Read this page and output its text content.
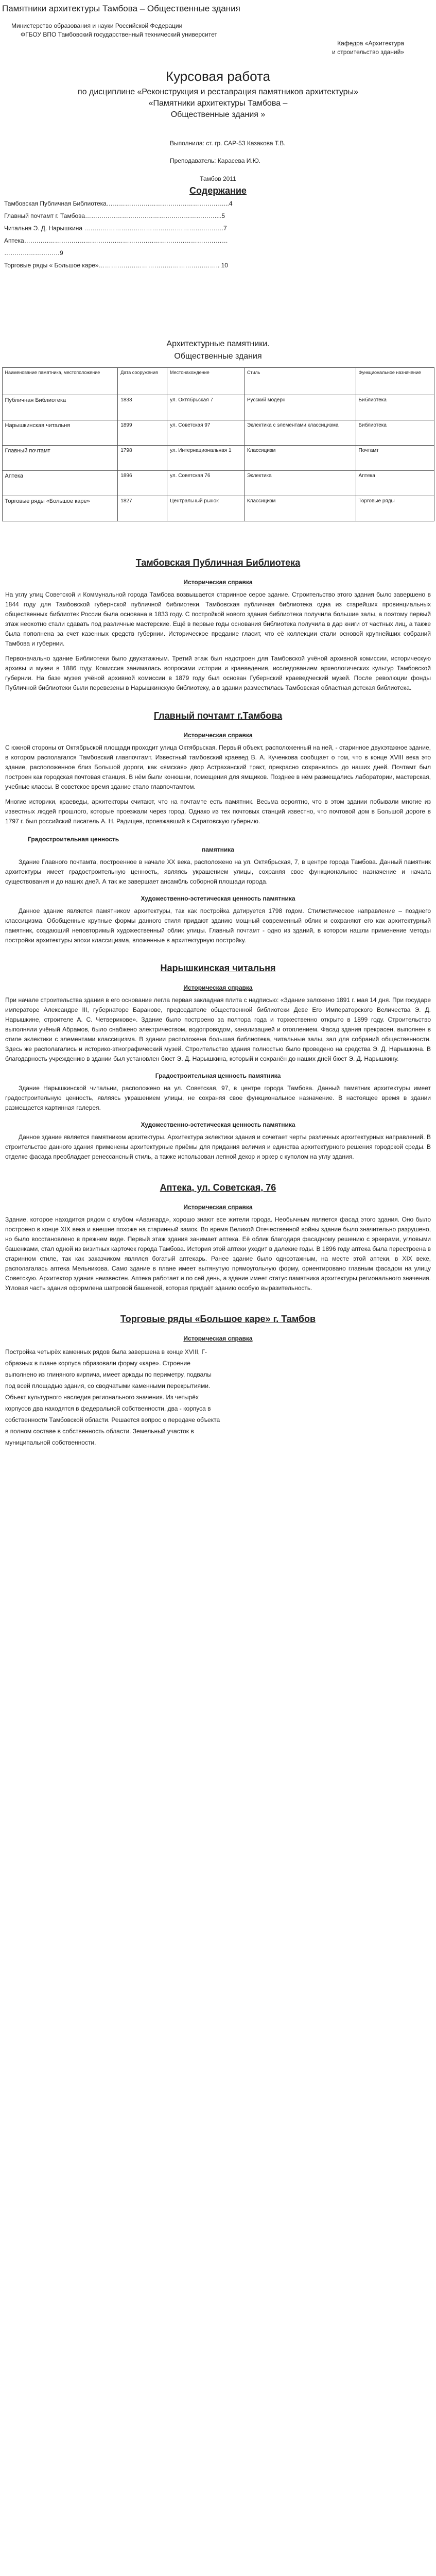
Памятники архитектуры Тамбова – Общественные здания

Министерство образования и науки Российской Федерации

ФГБОУ ВПО Тамбовский государственный технический университет

Кафедра «Архитектура

и строительство зданий»

Курсовая работа

по дисциплине «Реконструкция и реставрация памятников архитектуры»

«Памятники архитектуры Тамбова –

Общественные здания »

Выполнила: ст. гр. САР-53 Казакова Т.В.

Преподаватель: Карасева И.Ю.

Тамбов 2011

Содержание

Тамбовская Публичная Библиотека…………………………………………………...4

Главный почтамт г. Тамбова………………………………………………………....5

Читальня Э. Д. Нарышкина ………………………………………………….……….7

Аптека………………………………………………………………………………………

………………………9

Торговые ряды « Большое каре»………………………………………………….. 10

Архитектурные памятники.

Общественные здания

Наименование памятника, местоположение	Дата сооружения	Местонахождение	Стиль	Функциональное назначение
Публичная Библиотека	1833	ул. Октябрьская 7	Русский модерн	Библиотека
Нарышкинская читальня	1899	ул. Советская 97	Эклектика с элементами классицизма	Библиотека
Главный почтамт	1798	ул. Интернациональная 1	Классицизм	Почтамт
Аптека	1896	ул. Советская 76	Эклектика	Аптека
Торговые ряды «Большое каре»	1827	Центральный рынок	Классицизм	Торговые ряды

Тамбовская Публичная Библиотека

Историческая справка

На углу улиц Советской и Коммунальной города Тамбова возвышается старинное серое здание. Строительство этого здания было завершено в 1844 году для Тамбовской губернской публичной библиотеки. Тамбовская публичная библиотека одна из старейших провинциальных общественных библиотек России была основана в 1833 году. С постройкой нового здания библиотека получила большие залы, а поэтому первый этаж неохотно стали сдавать под различные мастерские. Ещё в первые годы основания библиотека получила в дар книги от частных лиц, а также была пополнена за счет казенных средств губернии. Историческое предание гласит, что её коллекции стали основой крупнейших собраний Тамбова и губернии.

Первоначально здание Библиотеки было двухэтажным. Третий этаж был надстроен для Тамбовской учёной архивной комиссии, историческую архивы и музеи в 1886 году. Комиссия занималась вопросами истории и краеведения, исследованием археологических культур Тамбовской губернии. На базе музея учёной архивной комиссии в 1879 году был основан Губернский краеведческий музей. После революции фонды Публичной библиотеки были перевезены в Нарышкинскую библиотеку, а в здании разместилась Тамбовская областная детская библиотека.

Главный почтамт г.Тамбова

Историческая справка

С южной стороны от Октябрьской площади проходит улица Октябрьская. Первый объект, расположенный на ней, - старинное двухэтажное здание, в котором располагался Тамбовский главпочтамт. Известный тамбовский краевед В. А. Кученкова сообщает о том, что в конце XVIII века это здание, расположенное близ Большой дороги, как «ямская» двор Астраханский тракт, прекрасно сохранилось до наших дней. Почтамт был построен как городская почтовая станция. В нём были конюшни, помещения для ямщиков. Позднее в нём размещались лаборатории, мастерская, учебные классы. В советское время здание стало главпочтамтом.

Многие историки, краеведы, архитекторы считают, что на почтамте есть памятник. Весьма вероятно, что в этом здании побывали многие из известных людей прошлого, которые проезжали через город. Однако из тех почтовых станций известно, что почтовой дом в Большой дороге в 1797 г. был российский писатель А. Н. Радищев, проезжавший в Саратовскую губернию.

Градостроительная ценность

памятника

Здание Главного почтамта, построенное в начале XX века, расположено на ул. Октябрьская, 7, в центре города Тамбова. Данный памятник архитектуры имеет градостроительную ценность, являясь украшением улицы, сохраняя свое функциональное назначение и начала существования и до наших дней. А так же завершает ансамбль соборной площади города.

Художественно-эстетическая ценность памятника

Данное здание является памятником архитектуры, так как постройка датируется 1798 годом. Стилистическое направление – позднего классицизма. Обобщенные крупные формы данного стиля придают зданию мощный современный облик и сохраняют его как архитектурный памятник, создающий неповторимый художественный облик улицы. Главный почтамт - одно из зданий, в котором нашли применение методы постройки архитектуры эпохи классицизма, вложенные в архитектурную постройку.

Нарышкинская читальня

Историческая справка

При начале строительства здания в его основание легла первая закладная плита с надписью: «Здание заложено 1891 г. мая 14 дня. При государе императоре Александре III, губернаторе Баранове, председателе общественной библиотеки Деве Его Императорского Величества Э. Д. Нарышкине, строителе А. С. Четвериковe». Здание было построено за полтора года и торжественно открыто в 1899 году. Строительство выполняли учёный Абрамов, было снабжено электричеством, водопроводом, канализацией и отоплением. Фасад здания прекрасен, выполнен в стиле эклектики с элементами классицизма. В здании расположена большая библиотека, читальные залы, зал для собраний общественности. Здесь же располагались и историко-этнографический музей. Строительство здания полностью было проведено на средства Э. Д. Нарышкина. В благодарность учреждению в здании был установлен бюст Э. Д. Нарышкина, который и сохранён до наших дней бюст Э. Д. Нарышкину.

Градостроительная ценность памятника

Здание Нарышкинской читальни, расположено на ул. Советская, 97, в центре города Тамбова. Данный памятник архитектуры имеет градостроительную ценность, являясь украшением улицы, не сохраняя свое функциональное назначение. В настоящее время в здании размещается картинная галерея.

Художественно-эстетическая ценность памятника

Данное здание является памятником архитектуры. Архитектура эклектики здания и сочетает черты различных архитектурных направлений. В строительстве данного здания применены архитектурные приёмы для придания величия и единства архитектурного решения городской среды. В отделке фасада преобладает ренессансный стиль, а также использован лепной декор и эркер с куполом на углу здания.

Аптека, ул. Советская, 76

Историческая справка

Здание, которое находится рядом с клубом «Авангард», хорошо знают все жители города. Необычным является фасад этого здания. Оно было построено в конце XIX века и внешне похоже на старинный замок. Во время Великой Отечественной войны здание было значительно разрушено, но было восстановлено в прежнем виде. Первый этаж здания занимает аптека. Её облик благодаря фасадному решению с эркерами, угловыми башенками, стал одной из визитных карточек города Тамбова. История этой аптеки уходит в далекие годы. В 1896 году аптека была перестроена в старинном стиле, так как заказчиком являлся богатый аптекарь. Ранее здание было одноэтажным, на месте этой аптеки, в XIX веке, располагалась аптека Мельникова. Само здание в плане имеет вытянутую прямоугольную форму, ориентировано главным фасадом на улицу Советскую. Архитектор здания неизвестен. Аптека работает и по сей день, а здание имеет статус памятника архитектуры регионального значения. Угловая часть здания оформлена шатровой башенкой, которая придаёт зданию особую выразительность.

Торговые ряды «Большое каре» г. Тамбов

Историческая справка

Постройка четырёх каменных рядов была завершена в конце XVIII, Г- образных в плане корпуса образовали форму «каре». Строение выполнено из глиняного кирпича, имеет аркады по периметру, подвалы под всей площадью здания, со сводчатыми каменными перекрытиями. Объект культурного наследия регионального значения. Из четырёх корпусов два находятся в федеральной собственности, два - корпуса в собственности Тамбовской области. Решается вопрос о передаче объекта в полном составе в собственность области. Земельный участок в муниципальной собственности.
